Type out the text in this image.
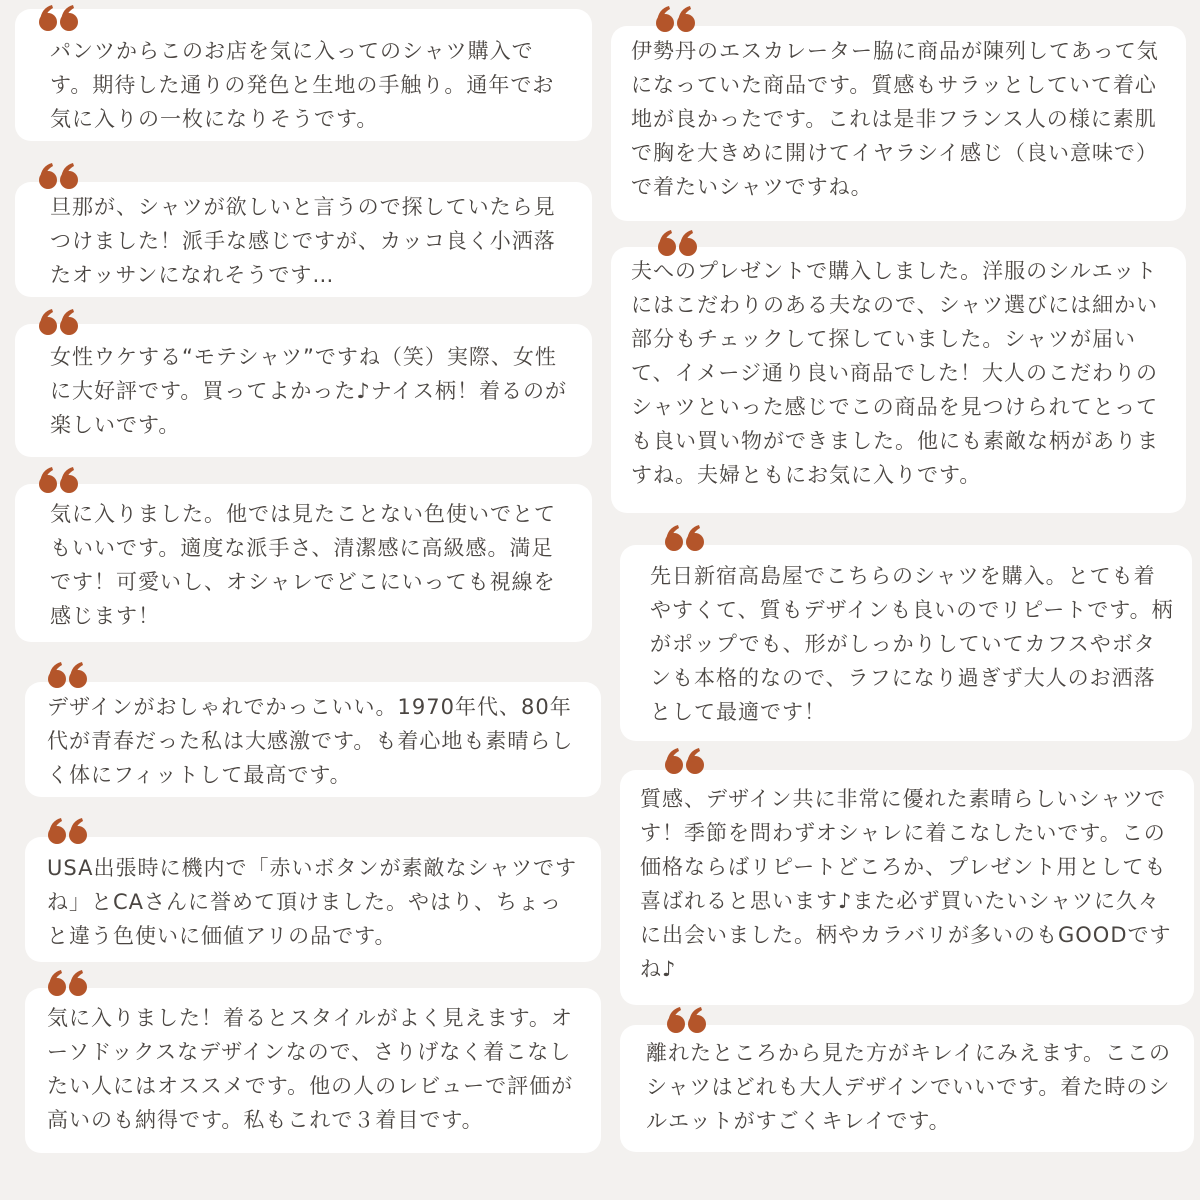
パンツからこのお店を気に入ってのシャツ購入です。期待した通りの発色と生地の手触り。通年でお気に入りの一枚になりそうです。

旦那が、シャツが欲しいと言うので探していたら見つけました！派手な感じですが、カッコ良く小洒落たオッサンになれそうです…

女性ウケする“モテシャツ”ですね（笑）実際、女性に大好評です。買ってよかった♪ナイス柄！着るのが楽しいです。

気に入りました。他では見たことない色使いでとてもいいです。適度な派手さ、清潔感に高級感。満足です！可愛いし、オシャレでどこにいっても視線を感じます！

デザインがおしゃれでかっこいい。1970年代、80年代が青春だった私は大感激です。も着心地も素晴らしく体にフィットして最高です。

USA出張時に機内で「赤いボタンが素敵なシャツですね」とCAさんに誉めて頂けました。やはり、ちょっと違う色使いに価値アリの品です。

気に入りました！着るとスタイルがよく見えます。オーソドックスなデザインなので、さりげなく着こなしたい人にはオススメです。他の人のレビューで評価が高いのも納得です。私もこれで３着目です。

伊勢丹のエスカレーター脇に商品が陳列してあって気になっていた商品です。質感もサラッとしていて着心地が良かったです。これは是非フランス人の様に素肌で胸を大きめに開けてイヤラシイ感じ（良い意味で）で着たいシャツですね。

夫へのプレゼントで購入しました。洋服のシルエットにはこだわりのある夫なので、シャツ選びには細かい部分もチェックして探していました。シャツが届いて、イメージ通り良い商品でした！大人のこだわりのシャツといった感じでこの商品を見つけられてとっても良い買い物ができました。他にも素敵な柄がありますね。夫婦ともにお気に入りです。

先日新宿高島屋でこちらのシャツを購入。とても着やすくて、質もデザインも良いのでリピートです。柄がポップでも、形がしっかりしていてカフスやボタンも本格的なので、ラフになり過ぎず大人のお洒落として最適です！

質感、デザイン共に非常に優れた素晴らしいシャツです！季節を問わずオシャレに着こなしたいです。この価格ならばリピートどころか、プレゼント用としても喜ばれると思います♪また必ず買いたいシャツに久々に出会いました。柄やカラバリが多いのもGOODですね♪

離れたところから見た方がキレイにみえます。ここのシャツはどれも大人デザインでいいです。着た時のシルエットがすごくキレイです。
